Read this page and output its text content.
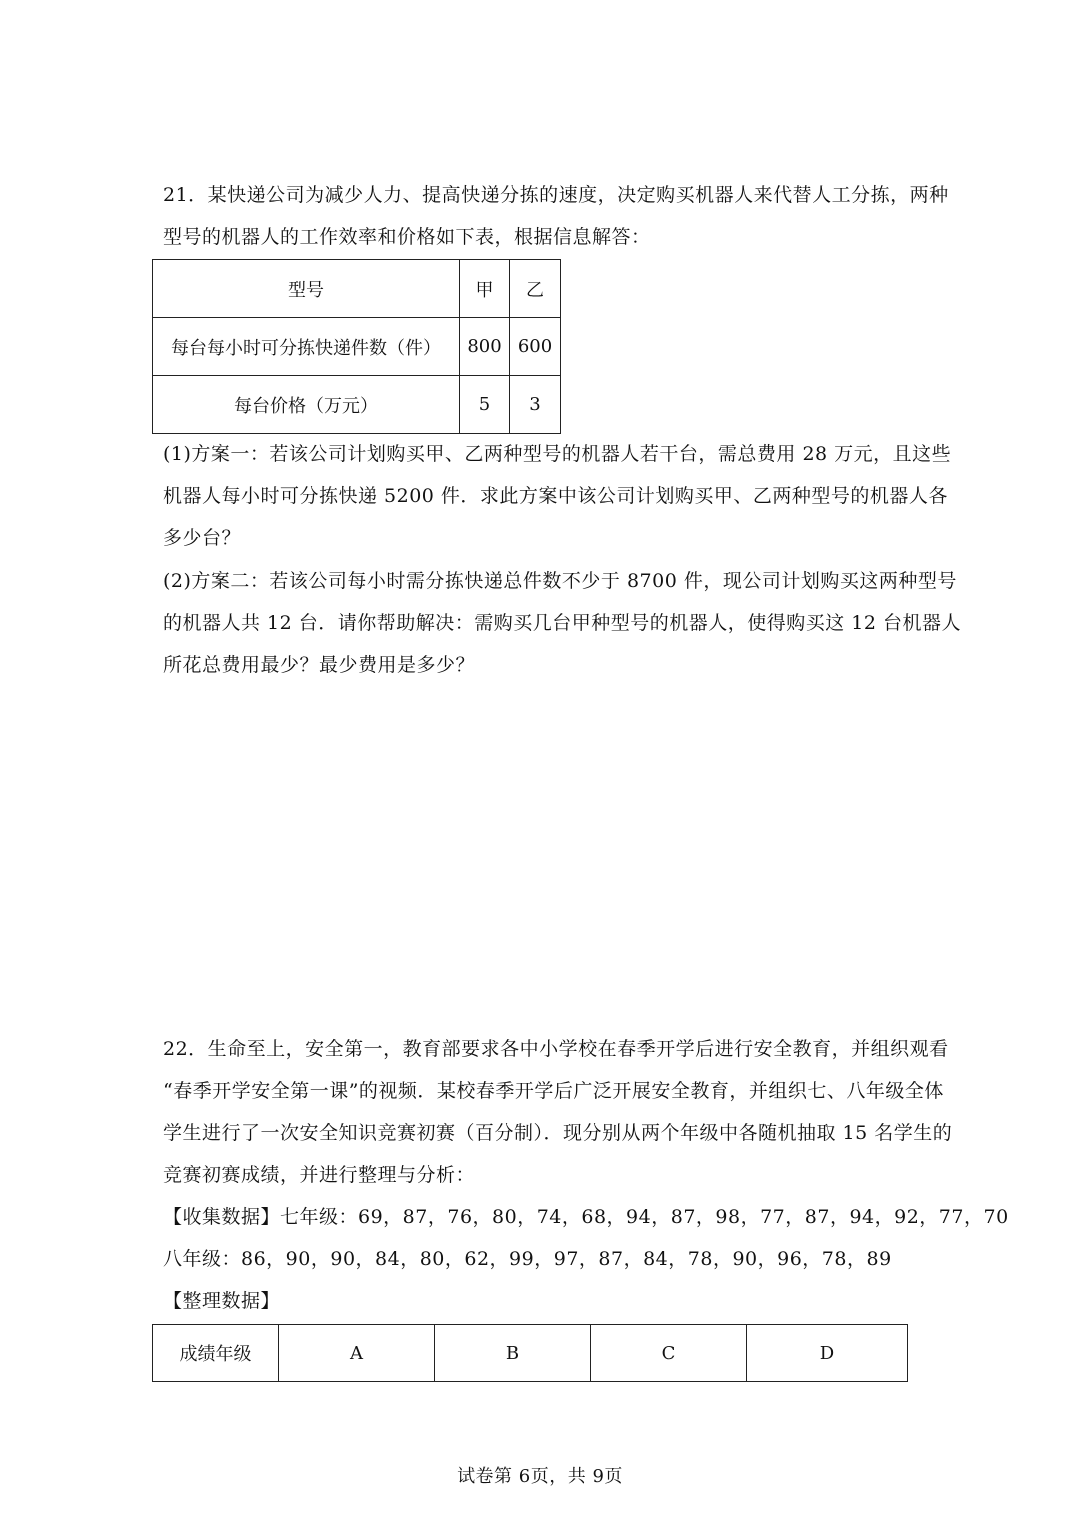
21．某快递公司为减少人力、提高快递分拣的速度，决定购买机器人来代替人工分拣，两种
型号的机器人的工作效率和价格如下表，根据信息解答：
型号	甲	乙
每台每小时可分拣快递件数（件）	800	600
每台价格（万元）	5	3
(1)方案一：若该公司计划购买甲、乙两种型号的机器人若干台，需总费用 28 万元，且这些
机器人每小时可分拣快递 5200 件．求此方案中该公司计划购买甲、乙两种型号的机器人各
多少台？
(2)方案二：若该公司每小时需分拣快递总件数不少于 8700 件，现公司计划购买这两种型号
的机器人共 12 台．请你帮助解决：需购买几台甲种型号的机器人，使得购买这 12 台机器人
所花总费用最少？最少费用是多少？
22．生命至上，安全第一，教育部要求各中小学校在春季开学后进行安全教育，并组织观看
“春季开学安全第一课”的视频．某校春季开学后广泛开展安全教育，并组织七、八年级全体
学生进行了一次安全知识竞赛初赛（百分制）．现分别从两个年级中各随机抽取 15 名学生的
竞赛初赛成绩，并进行整理与分析：
【收集数据】七年级：69，87，76，80，74，68，94，87，98，77，87，94，92，77，70
八年级：86，90，90，84，80，62，99，97，87，84，78，90，96，78，89
【整理数据】
成绩年级	A	B	C	D
试卷第 6页，共 9页
